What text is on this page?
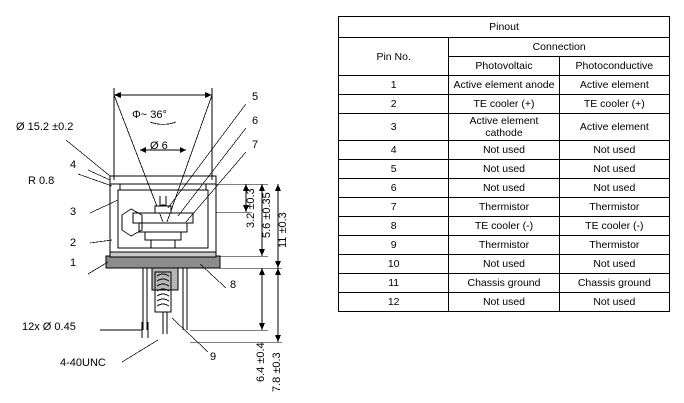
Ø 15.2 ±0.2
Ø 6
Φ~ 36°
R 0.8
3.2 ±0.3 5.6 ±0.35 11 ±0.3
6.4 ±0.4 7.8 ±0.3
12x Ø 0.45
4-40UNC
1
2
3
4
5
6
7
8
9
Pinout		
Pin No.	Connection	
	Photovoltaic	Photoconductive
1	Active element anode	Active element
2	TE cooler (+)	TE cooler (+)
3	Active element cathode	Active element
4	Not used	Not used
5	Not used	Not used
6	Not used	Not used
7	Thermistor	Thermistor
8	TE cooler (-)	TE cooler (-)
9	Thermistor	Thermistor
10	Not used	Not used
11	Chassis ground	Chassis ground
12	Not used	Not used
